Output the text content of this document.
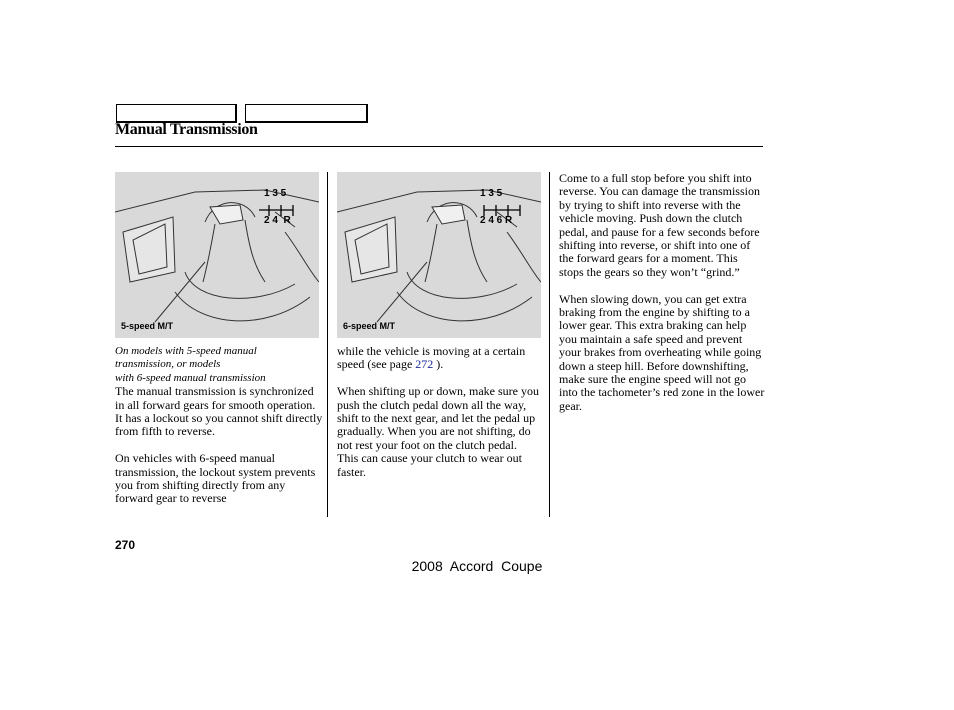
Manual Transmission
1 3 5
2 4  R
5-speed M/T
1 3 5
2 4 6 R
6-speed M/T
On models with 5-speed manual
transmission, or models
with 6-speed manual transmission

The manual transmission is synchronized in all forward gears for smooth operation. It has a lockout so you cannot shift directly from fifth to reverse.

On vehicles with 6-speed manual transmission, the lockout system prevents you from shifting directly from any forward gear to reverse

while the vehicle is moving at a certain speed (see page 272 ).

When shifting up or down, make sure you push the clutch pedal down all the way, shift to the next gear, and let the pedal up gradually. When you are not shifting, do not rest your foot on the clutch pedal. This can cause your clutch to wear out faster.

Come to a full stop before you shift into reverse. You can damage the transmission by trying to shift into reverse with the vehicle moving. Push down the clutch pedal, and pause for a few seconds before shifting into reverse, or shift into one of the forward gears for a moment. This stops the gears so they won’t “grind.”

When slowing down, you can get extra braking from the engine by shifting to a lower gear. This extra braking can help you maintain a safe speed and prevent your brakes from overheating while going down a steep hill. Before downshifting, make sure the engine speed will not go into the tachometer’s red zone in the lower gear.

270
2008  Accord  Coupe
